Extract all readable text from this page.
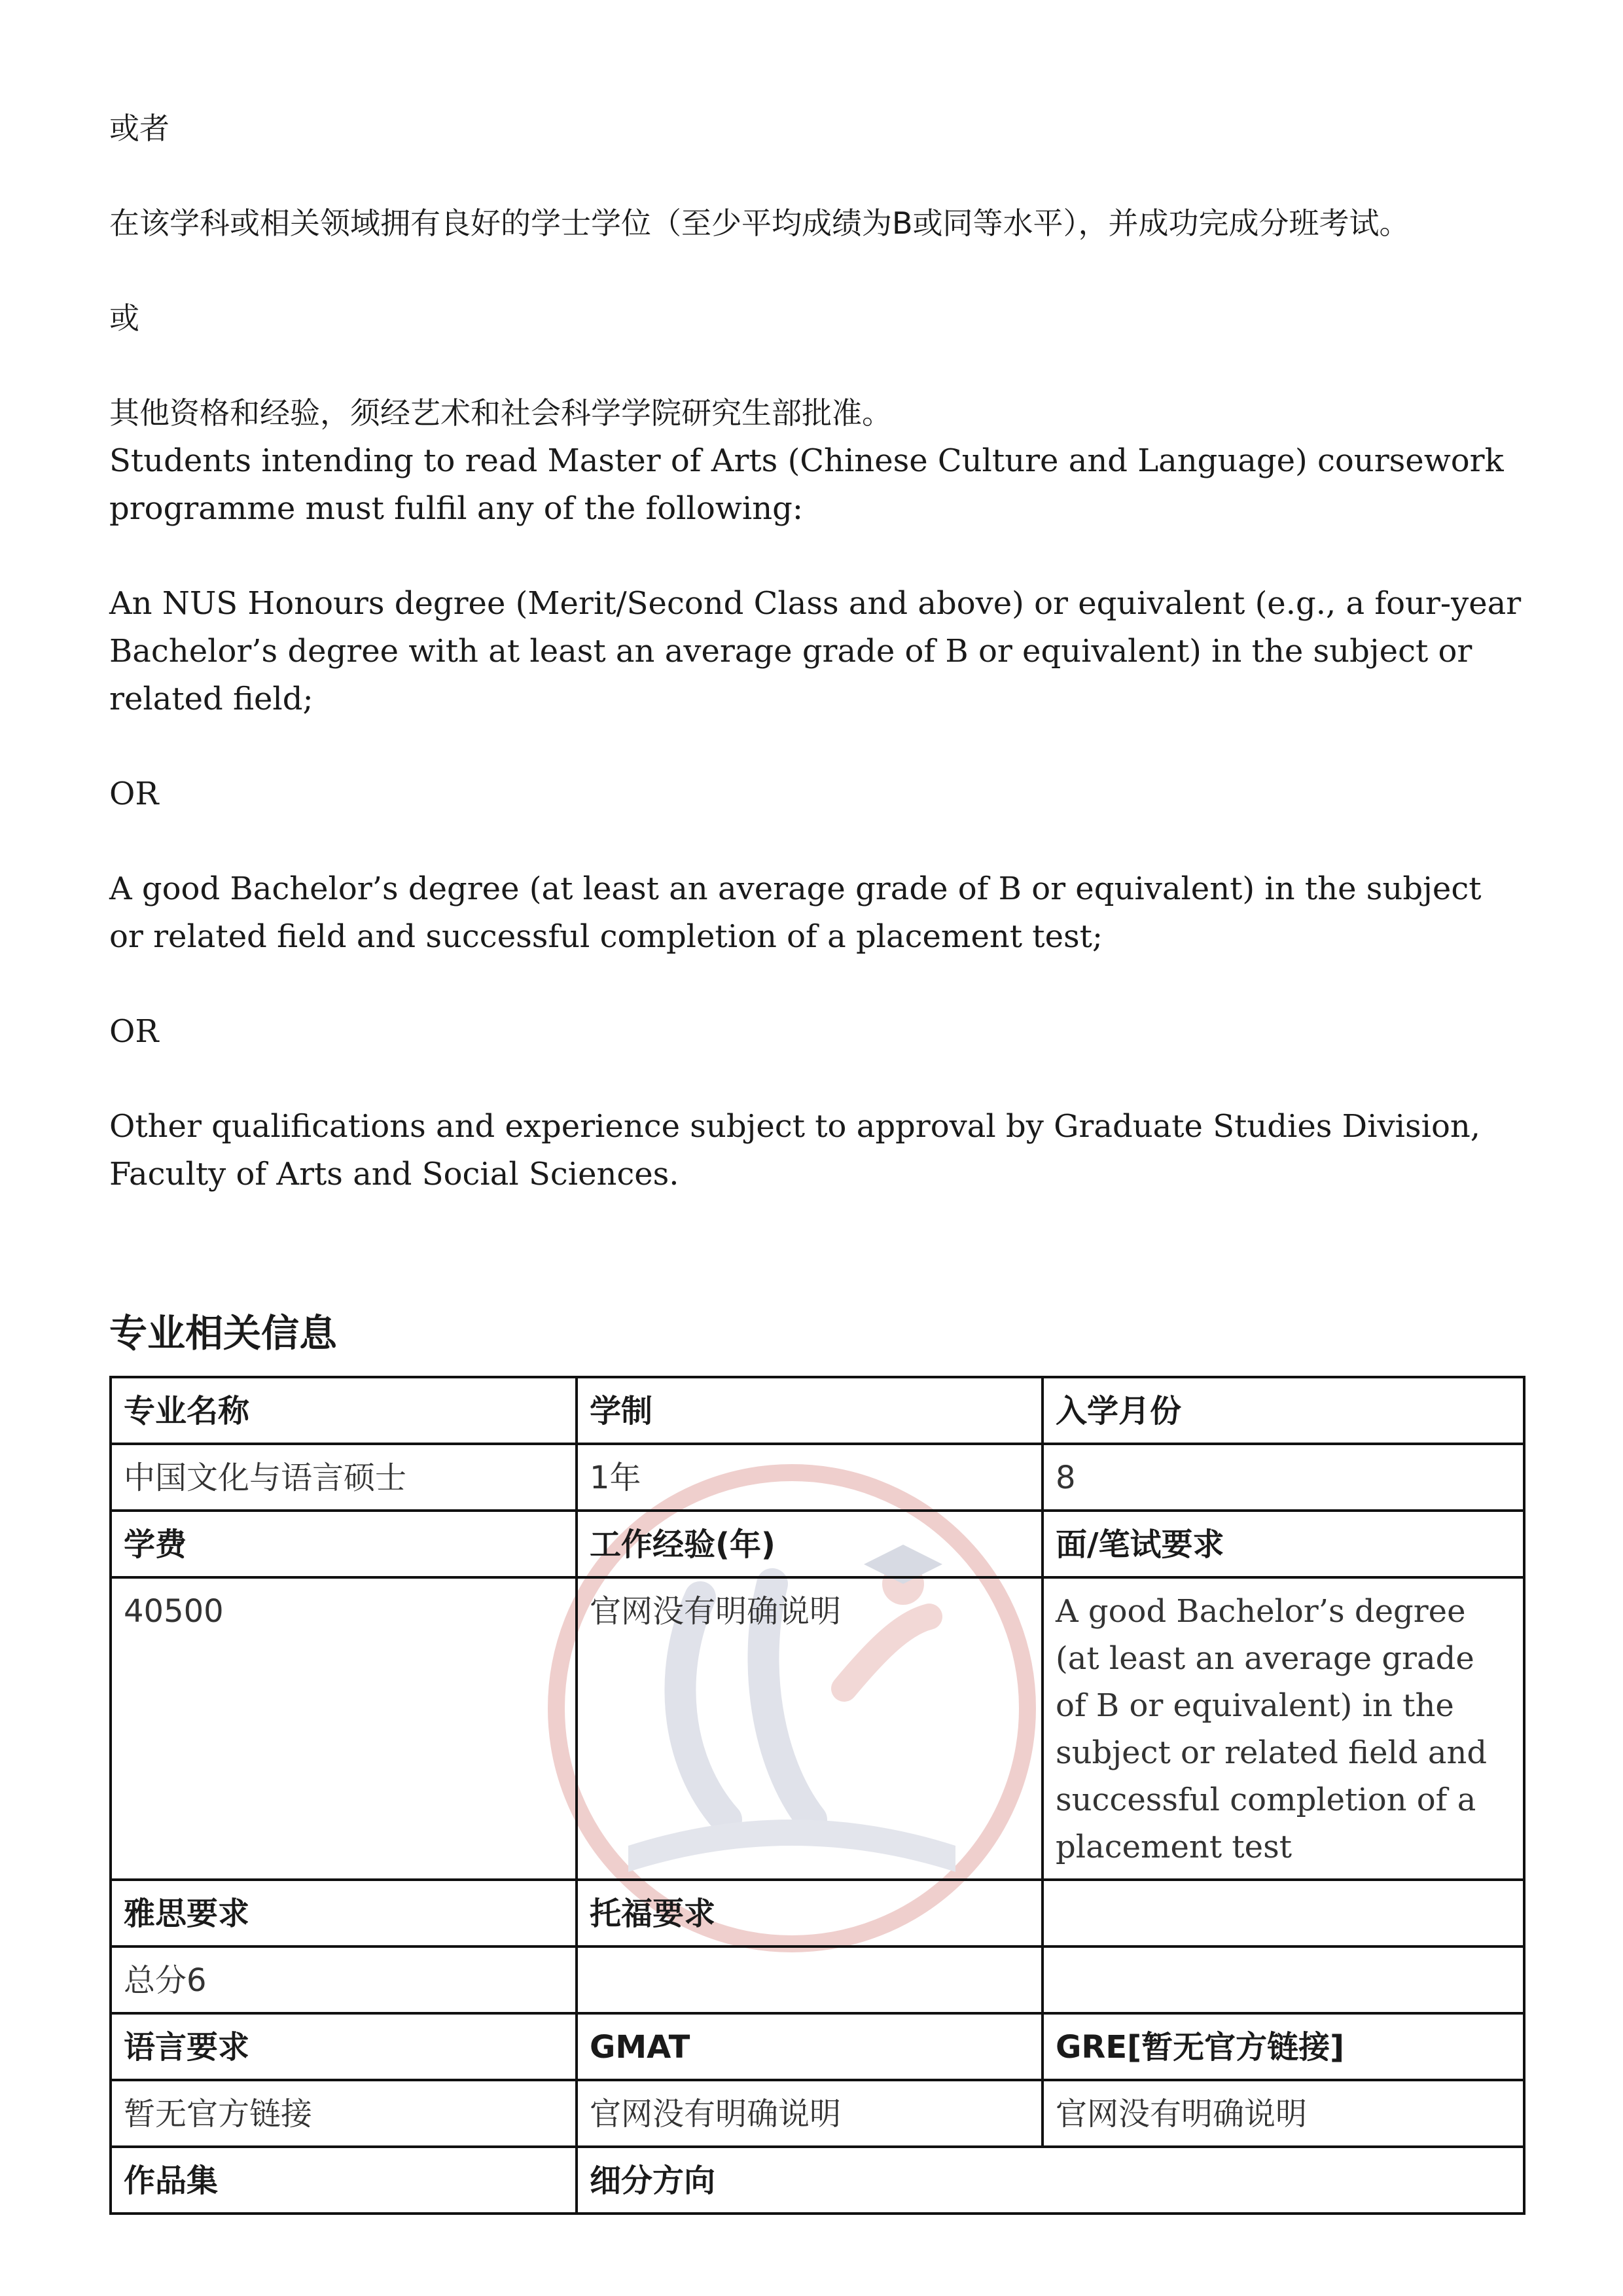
或者

在该学科或相关领域拥有良好的学士学位（至少平均成绩为B或同等水平），并成功完成分班考试。

或

其他资格和经验，须经艺术和社会科学学院研究生部批准。

Students intending to read Master of Arts (Chinese Culture and Language) coursework programme must fulfil any of the following:

An NUS Honours degree (Merit/Second Class and above) or equivalent (e.g., a four-year Bachelor’s degree with at least an average grade of B or equivalent) in the subject or related field;

OR

A good Bachelor’s degree (at least an average grade of B or equivalent) in the subject or related field and successful completion of a placement test;

OR

Other qualifications and experience subject to approval by Graduate Studies Division, Faculty of Arts and Social Sciences.

专业相关信息
专业名称	学制	入学月份
中国文化与语言硕士	1年	8
学费	工作经验(年)	面/笔试要求
40500	官网没有明确说明	A good Bachelor’s degree (at least an average grade of B or equivalent) in the subject or related field and successful completion of a placement test
雅思要求	托福要求	
总分6		
语言要求	GMAT	GRE[暂无官方链接]
暂无官方链接	官网没有明确说明	官网没有明确说明
作品集	细分方向	
